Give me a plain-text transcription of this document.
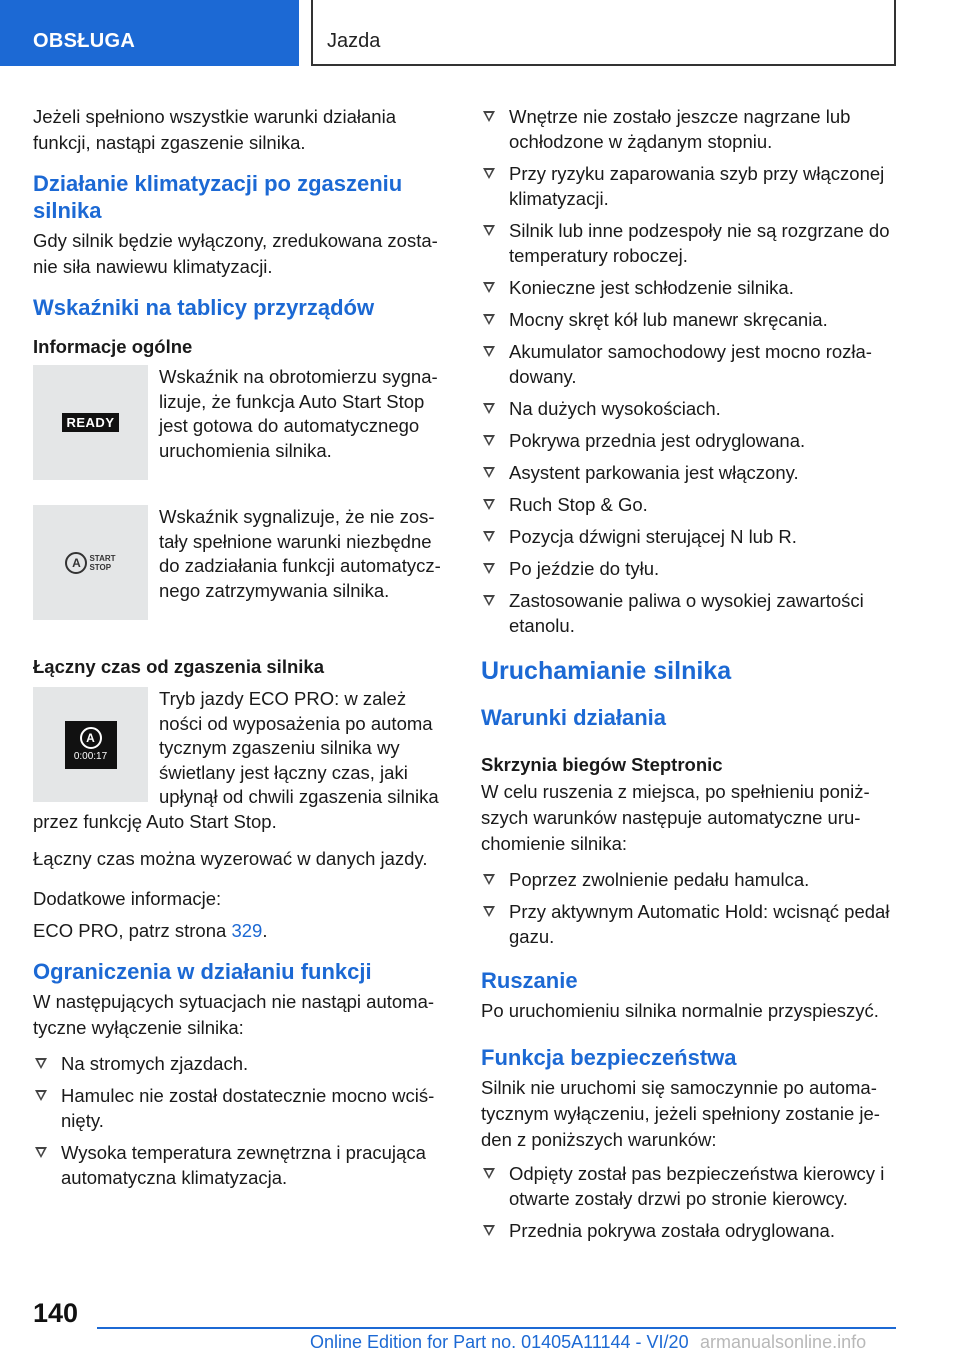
OBSŁUGA	Jazda

Jeżeli spełniono wszystkie warunki działania funkcji, nastąpi zgaszenie silnika.

Działanie klimatyzacji po zgaszeniu silnika

Gdy silnik będzie wyłączony, zredukowana zostanie siła nawiewu klimatyzacji.

Wskaźniki na tablicy przyrządów
Informacje ogólne
READY
Wskaźnik na obrotomierzu sygnalizuje, że funkcja Auto Start Stop jest gotowa do automatycznego uruchomienia silnika.
A	START
STOP
Wskaźnik sygnalizuje, że nie zostały spełnione warunki niezbędne do zadziałania funkcji automatycznego zatrzymywania silnika.
Łączny czas od zgaszenia silnika
A
0:00:17
Tryb jazdy ECO PRO: w zależ
ności od wyposażenia po automa
tycznym zgaszeniu silnika wy
świetlany jest łączny czas, jaki
upłynął od chwili zgaszenia silnika
przez funkcję Auto Start Stop.

Łączny czas można wyzerować w danych jazdy.

Dodatkowe informacje:

ECO PRO, patrz strona 329.

Ograniczenia w działaniu funkcji

W następujących sytuacjach nie nastąpi automatyczne wyłączenie silnika:

Na stromych zjazdach.
Hamulec nie został dostatecznie mocno wciśnięty.
Wysoka temperatura zewnętrzna i pracująca automatyczna klimatyzacja.
Wnętrze nie zostało jeszcze nagrzane lub ochłodzone w żądanym stopniu.
Przy ryzyku zaparowania szyb przy włączonej klimatyzacji.
Silnik lub inne podzespoły nie są rozgrzane do temperatury roboczej.
Konieczne jest schłodzenie silnika.
Mocny skręt kół lub manewr skręcania.
Akumulator samochodowy jest mocno rozładowany.
Na dużych wysokościach.
Pokrywa przednia jest odryglowana.
Asystent parkowania jest włączony.
Ruch Stop & Go.
Pozycja dźwigni sterującej N lub R.
Po jeździe do tyłu.
Zastosowanie paliwa o wysokiej zawartości etanolu.
Uruchamianie silnika
Warunki działania
Skrzynia biegów Steptronic

W celu ruszenia z miejsca, po spełnieniu poniższych warunków następuje automatyczne uruchomienie silnika:

Poprzez zwolnienie pedału hamulca.
Przy aktywnym Automatic Hold: wcisnąć pedał gazu.
Ruszanie

Po uruchomieniu silnika normalnie przyspieszyć.

Funkcja bezpieczeństwa

Silnik nie uruchomi się samoczynnie po automatycznym wyłączeniu, jeżeli spełniony zostanie jeden z poniższych warunków:

Odpięty został pas bezpieczeństwa kierowcy i otwarte zostały drzwi po stronie kierowcy.
Przednia pokrywa została odryglowana.
140
Online Edition for Part no. 01405A11144 - VI/20 armanualsonline.info
